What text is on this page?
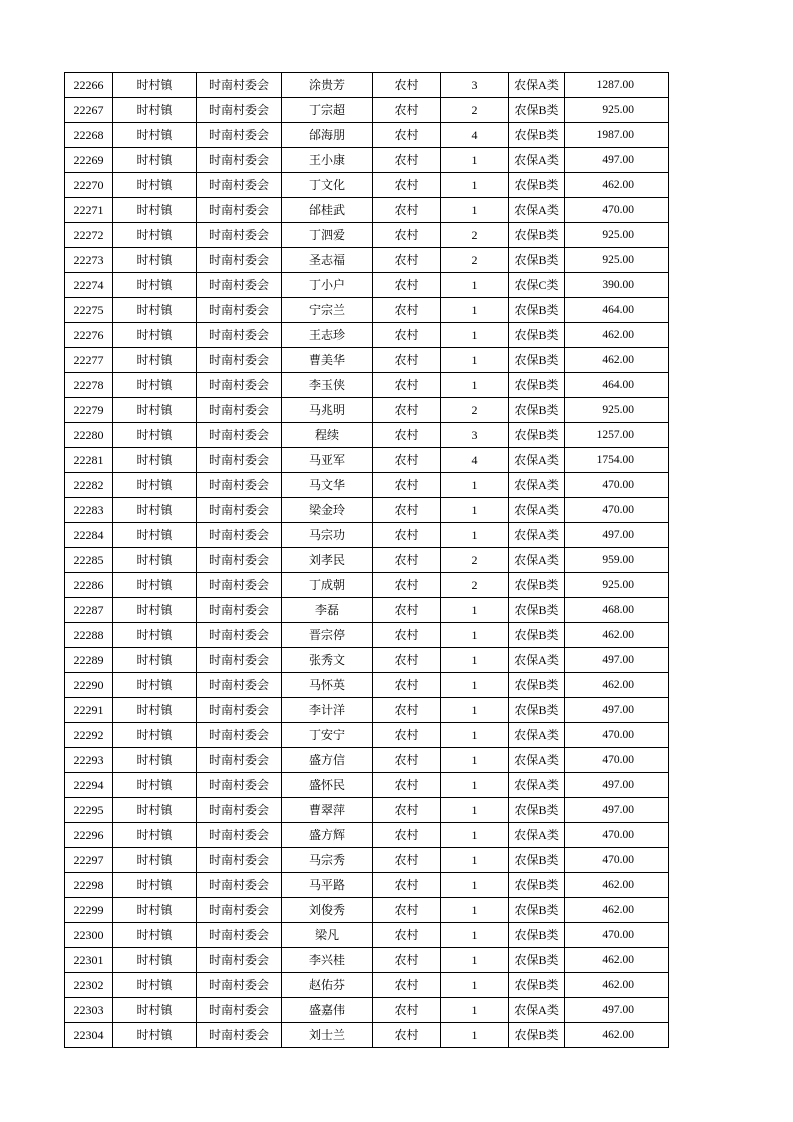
22266	时村镇	时南村委会	涂贵芳	农村	3	农保A类	1287.00
22267	时村镇	时南村委会	丁宗超	农村	2	农保B类	925.00
22268	时村镇	时南村委会	邰海朋	农村	4	农保B类	1987.00
22269	时村镇	时南村委会	王小康	农村	1	农保A类	497.00
22270	时村镇	时南村委会	丁文化	农村	1	农保B类	462.00
22271	时村镇	时南村委会	邰桂武	农村	1	农保A类	470.00
22272	时村镇	时南村委会	丁泗爱	农村	2	农保B类	925.00
22273	时村镇	时南村委会	圣志福	农村	2	农保B类	925.00
22274	时村镇	时南村委会	丁小户	农村	1	农保C类	390.00
22275	时村镇	时南村委会	宁宗兰	农村	1	农保B类	464.00
22276	时村镇	时南村委会	王志珍	农村	1	农保B类	462.00
22277	时村镇	时南村委会	曹美华	农村	1	农保B类	462.00
22278	时村镇	时南村委会	李玉侠	农村	1	农保B类	464.00
22279	时村镇	时南村委会	马兆明	农村	2	农保B类	925.00
22280	时村镇	时南村委会	程续	农村	3	农保B类	1257.00
22281	时村镇	时南村委会	马亚军	农村	4	农保A类	1754.00
22282	时村镇	时南村委会	马文华	农村	1	农保A类	470.00
22283	时村镇	时南村委会	梁金玲	农村	1	农保A类	470.00
22284	时村镇	时南村委会	马宗功	农村	1	农保A类	497.00
22285	时村镇	时南村委会	刘孝民	农村	2	农保A类	959.00
22286	时村镇	时南村委会	丁成朝	农村	2	农保B类	925.00
22287	时村镇	时南村委会	李磊	农村	1	农保B类	468.00
22288	时村镇	时南村委会	晋宗停	农村	1	农保B类	462.00
22289	时村镇	时南村委会	张秀文	农村	1	农保A类	497.00
22290	时村镇	时南村委会	马怀英	农村	1	农保B类	462.00
22291	时村镇	时南村委会	李计洋	农村	1	农保B类	497.00
22292	时村镇	时南村委会	丁安宁	农村	1	农保A类	470.00
22293	时村镇	时南村委会	盛方信	农村	1	农保A类	470.00
22294	时村镇	时南村委会	盛怀民	农村	1	农保A类	497.00
22295	时村镇	时南村委会	曹翠萍	农村	1	农保B类	497.00
22296	时村镇	时南村委会	盛方辉	农村	1	农保A类	470.00
22297	时村镇	时南村委会	马宗秀	农村	1	农保B类	470.00
22298	时村镇	时南村委会	马平路	农村	1	农保B类	462.00
22299	时村镇	时南村委会	刘俊秀	农村	1	农保B类	462.00
22300	时村镇	时南村委会	梁凡	农村	1	农保B类	470.00
22301	时村镇	时南村委会	李兴桂	农村	1	农保B类	462.00
22302	时村镇	时南村委会	赵佑芬	农村	1	农保B类	462.00
22303	时村镇	时南村委会	盛嘉伟	农村	1	农保A类	497.00
22304	时村镇	时南村委会	刘士兰	农村	1	农保B类	462.00
